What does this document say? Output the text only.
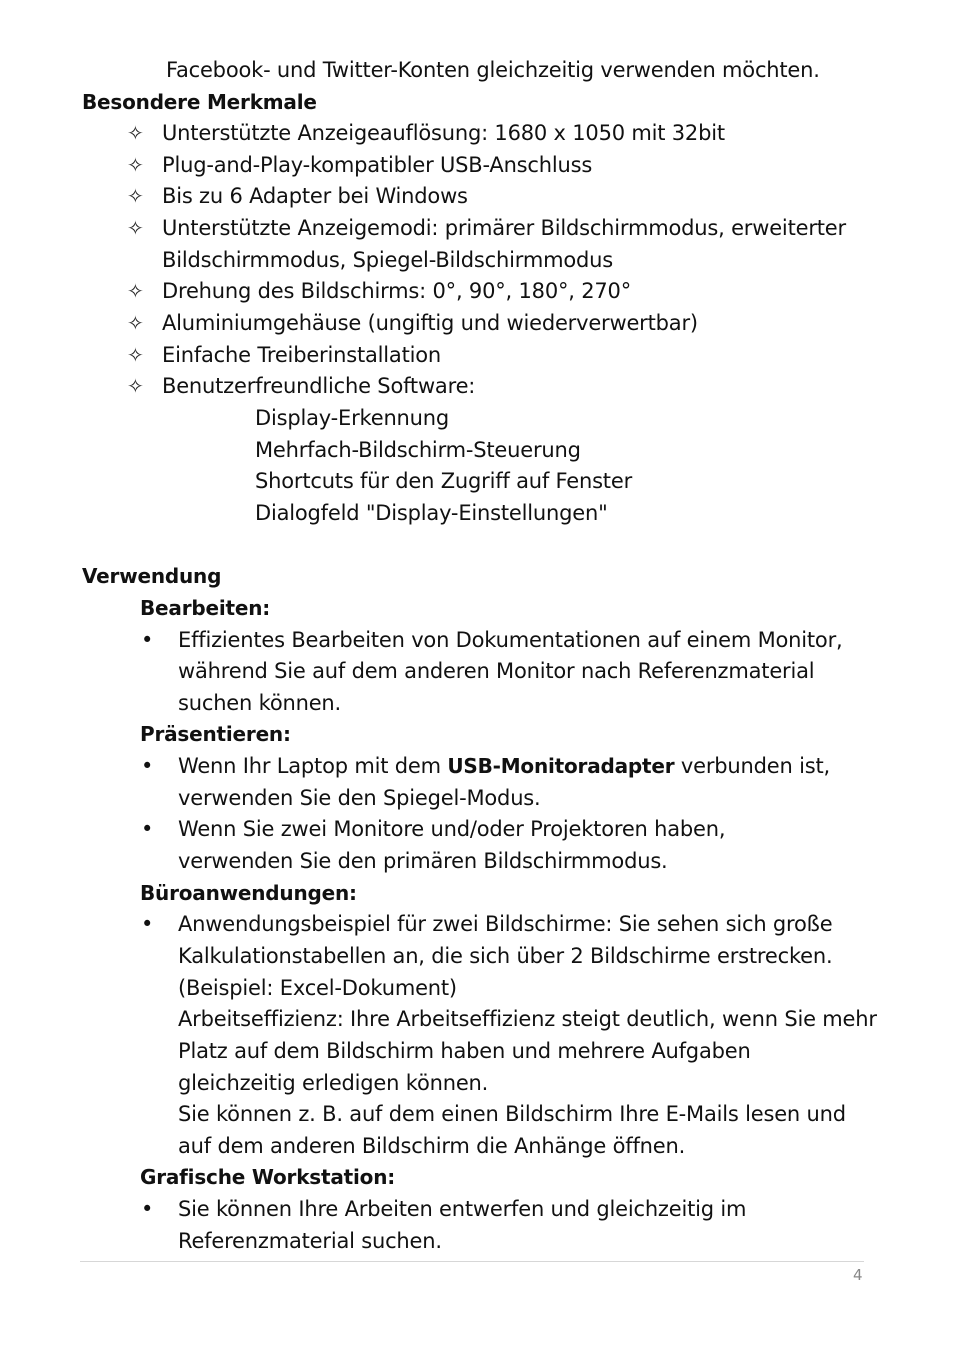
Facebook- und Twitter-Konten gleichzeitig verwenden möchten.
Besondere Merkmale
✧ Unterstützte Anzeigeauflösung: 1680 x 1050 mit 32bit
✧ Plug-and-Play-kompatibler USB-Anschluss
✧ Bis zu 6 Adapter bei Windows
✧ Unterstützte Anzeigemodi: primärer Bildschirmmodus, erweiterter
Bildschirmmodus, Spiegel-Bildschirmmodus
✧ Drehung des Bildschirms: 0°, 90°, 180°, 270°
✧ Aluminiumgehäuse (ungiftig und wiederverwertbar)
✧ Einfache Treiberinstallation
✧ Benutzerfreundliche Software:
Display-Erkennung
Mehrfach-Bildschirm-Steuerung
Shortcuts für den Zugriff auf Fenster
Dialogfeld "Display-Einstellungen"
Verwendung
Bearbeiten:
• Effizientes Bearbeiten von Dokumentationen auf einem Monitor,
während Sie auf dem anderen Monitor nach Referenzmaterial
suchen können.
Präsentieren:
• Wenn Ihr Laptop mit dem USB-Monitoradapter verbunden ist,
verwenden Sie den Spiegel-Modus.
• Wenn Sie zwei Monitore und/oder Projektoren haben,
verwenden Sie den primären Bildschirmmodus.
Büroanwendungen:
• Anwendungsbeispiel für zwei Bildschirme: Sie sehen sich große
Kalkulationstabellen an, die sich über 2 Bildschirme erstrecken.
(Beispiel: Excel-Dokument)
Arbeitseffizienz: Ihre Arbeitseffizienz steigt deutlich, wenn Sie mehr
Platz auf dem Bildschirm haben und mehrere Aufgaben
gleichzeitig erledigen können.
Sie können z. B. auf dem einen Bildschirm Ihre E-Mails lesen und
auf dem anderen Bildschirm die Anhänge öffnen.
Grafische Workstation:
• Sie können Ihre Arbeiten entwerfen und gleichzeitig im
Referenzmaterial suchen.
4
